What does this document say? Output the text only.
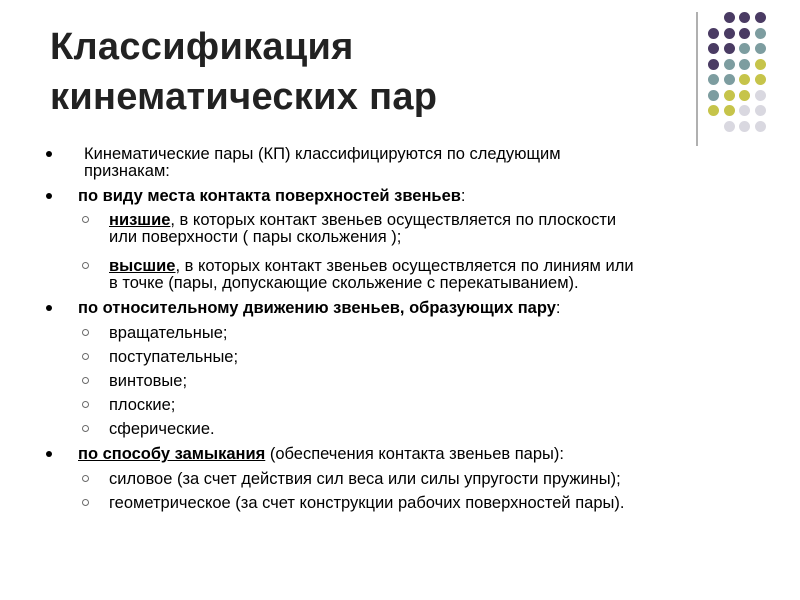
Классификация
кинематических пар
Кинематические пары (КП) классифицируются по следующим
признакам:
по виду места контакта поверхностей звеньев:
низшие, в которых контакт звеньев осуществляется по плоскости
или поверхности ( пары скольжения );
высшие, в которых контакт звеньев осуществляется по линиям или
в точке (пары, допускающие скольжение с перекатыванием).
по относительному движению звеньев, образующих пару:
вращательные;
поступательные;
винтовые;
плоские;
сферические.
по способу замыкания (обеспечения контакта звеньев пары):
силовое (за счет действия сил веса или силы упругости пружины);
геометрическое (за счет конструкции рабочих поверхностей пары).
